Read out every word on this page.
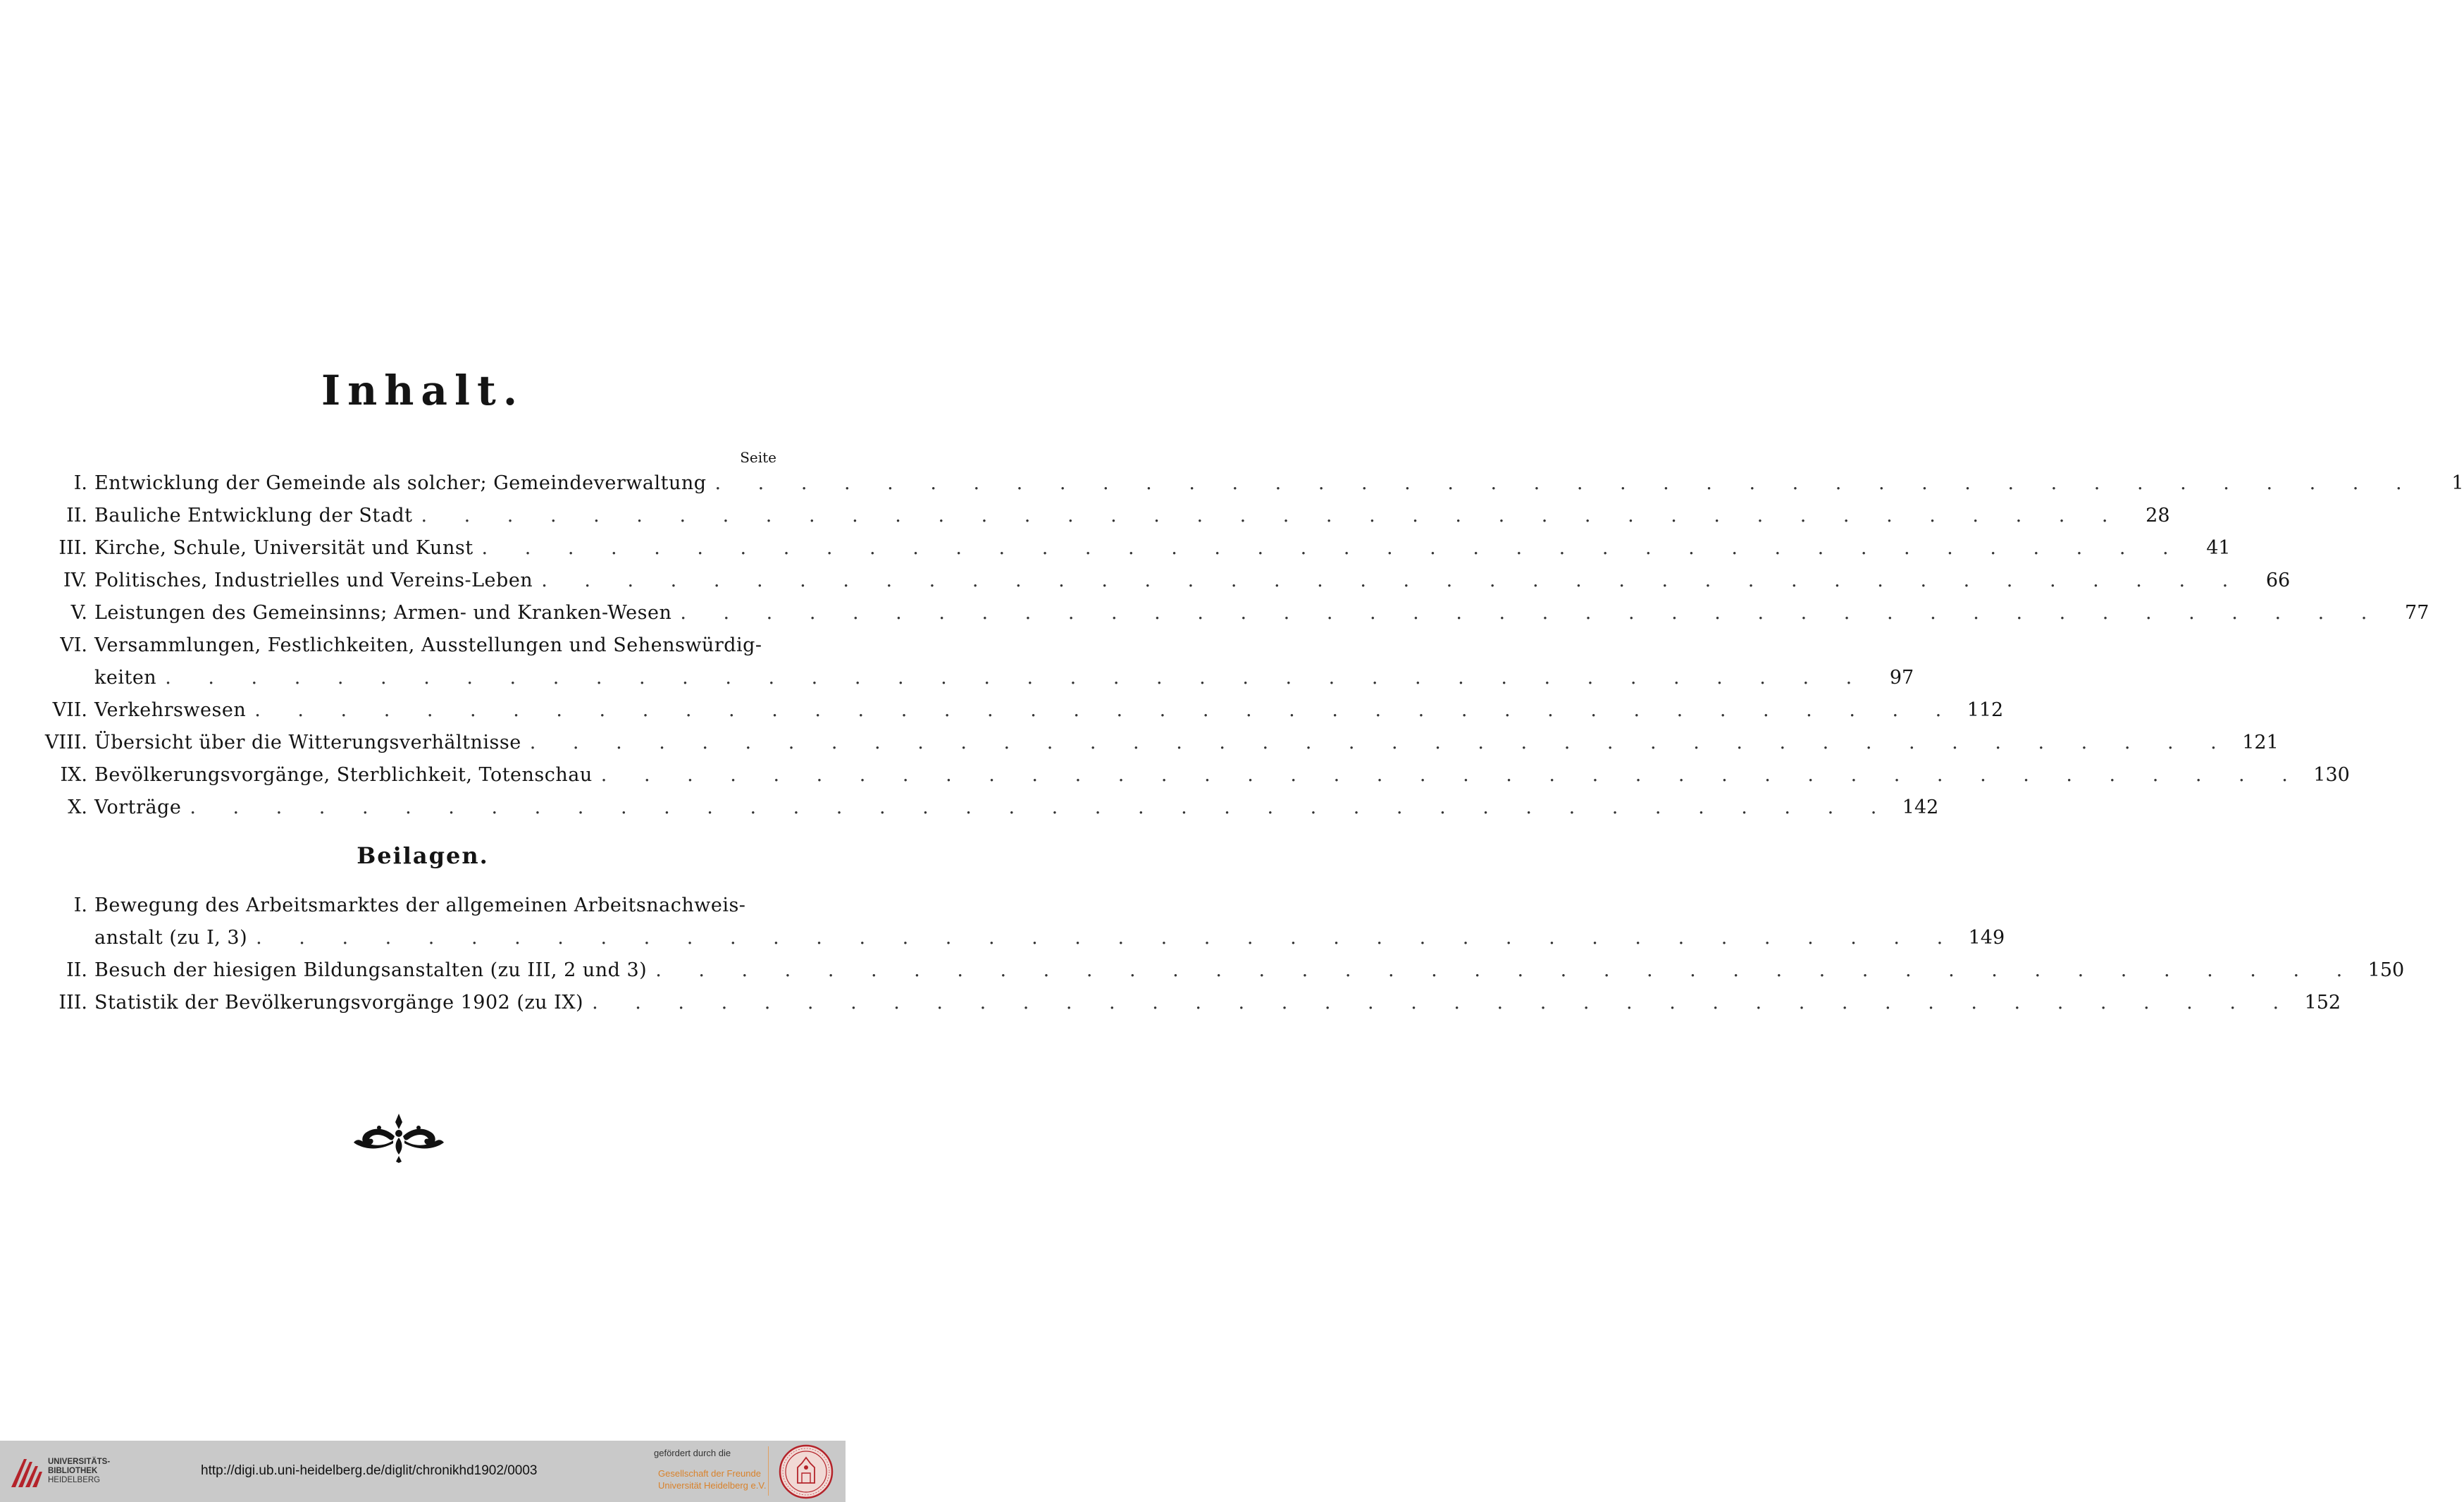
Inhalt.
Seite
I. Entwicklung der Gemeinde als solcher; Gemeindeverwaltung . . . . . . . . . . . . . . . . . . . . . . . . . . . . . . . . . . . . . . . .	1
II. Bauliche Entwicklung der Stadt . . . . . . . . . . . . . . . . . . . . . . . . . . . . . . . . . . . . . . . .	28
III. Kirche, Schule, Universität und Kunst . . . . . . . . . . . . . . . . . . . . . . . . . . . . . . . . . . . . . . . .	41
IV. Politisches, Industrielles und Vereins-Leben . . . . . . . . . . . . . . . . . . . . . . . . . . . . . . . . . . . . . . . .	66
V. Leistungen des Gemeinsinns; Armen- und Kranken-Wesen . . . . . . . . . . . . . . . . . . . . . . . . . . . . . . . . . . . . . . . .	77
VI. Versammlungen, Festlichkeiten, Ausstellungen und Sehenswürdig-
keiten . . . . . . . . . . . . . . . . . . . . . . . . . . . . . . . . . . . . . . . .	97
VII. Verkehrswesen . . . . . . . . . . . . . . . . . . . . . . . . . . . . . . . . . . . . . . . . 112
VIII. Übersicht über die Witterungsverhältnisse . . . . . . . . . . . . . . . . . . . . . . . . . . . . . . . . . . . . . . . . 121
IX. Bevölkerungsvorgänge, Sterblichkeit, Totenschau . . . . . . . . . . . . . . . . . . . . . . . . . . . . . . . . . . . . . . . . 130
X. Vorträge . . . . . . . . . . . . . . . . . . . . . . . . . . . . . . . . . . . . . . . . 142
Beilagen.
I. Bewegung des Arbeitsmarktes der allgemeinen Arbeitsnachweis-
anstalt (zu I, 3) . . . . . . . . . . . . . . . . . . . . . . . . . . . . . . . . . . . . . . . . 149
II. Besuch der hiesigen Bildungsanstalten (zu III, 2 und 3) . . . . . . . . . . . . . . . . . . . . . . . . . . . . . . . . . . . . . . . . 150
III. Statistik der Bevölkerungsvorgänge 1902 (zu IX) . . . . . . . . . . . . . . . . . . . . . . . . . . . . . . . . . . . . . . . . 152
UNIVERSITÄTS-
BIBLIOTHEK
HEIDELBERG
http://digi.ub.uni-heidelberg.de/diglit/chronikhd1902/0003
gefördert durch die
Gesellschaft der Freunde
Universität Heidelberg e.V.
